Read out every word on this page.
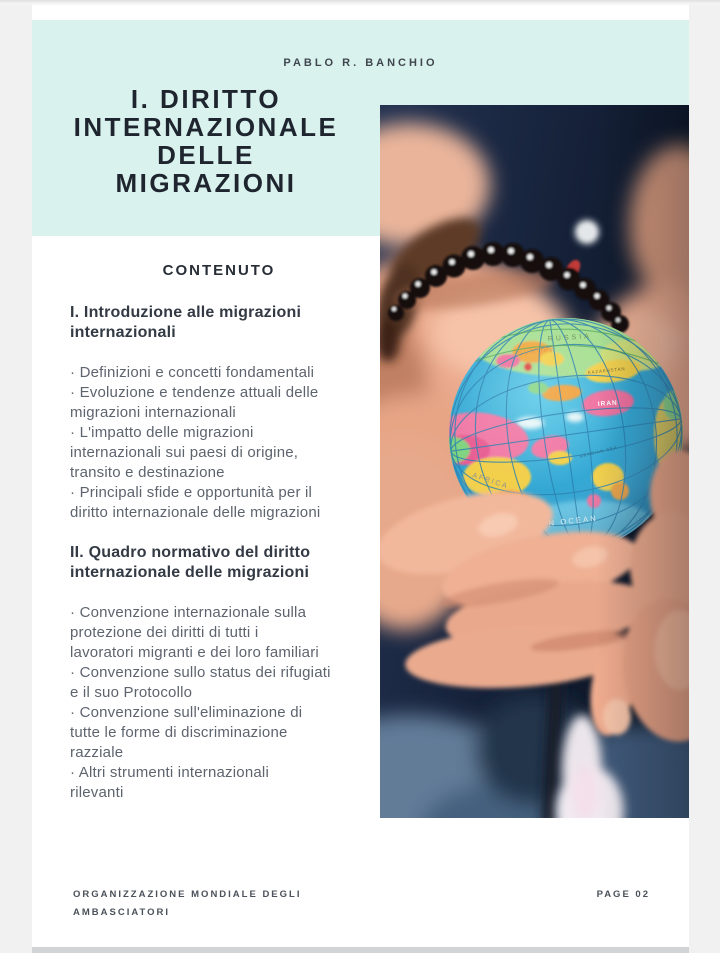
PABLO R. BANCHIO
I. DIRITTO
INTERNAZIONALE
DELLE
MIGRAZIONI
CONTENUTO
I. Introduzione alle migrazioni
internazionali
· Definizioni e concetti fondamentali
· Evoluzione e tendenze attuali delle
migrazioni internazionali
· L'impatto delle migrazioni
internazionali sui paesi di origine,
transito e destinazione
· Principali sfide e opportunità per il
diritto internazionale delle migrazioni
II. Quadro normativo del diritto
internazionale delle migrazioni
· Convenzione internazionale sulla
protezione dei diritti di tutti i
lavoratori migranti e dei loro familiari
· Convenzione sullo status dei rifugiati
e il suo Protocollo
· Convenzione sull'eliminazione di
tutte le forme di discriminazione
razziale
· Altri strumenti internazionali
rilevanti
ORGANIZZAZIONE MONDIALE DEGLI
AMBASCIATORI
PAGE 02
